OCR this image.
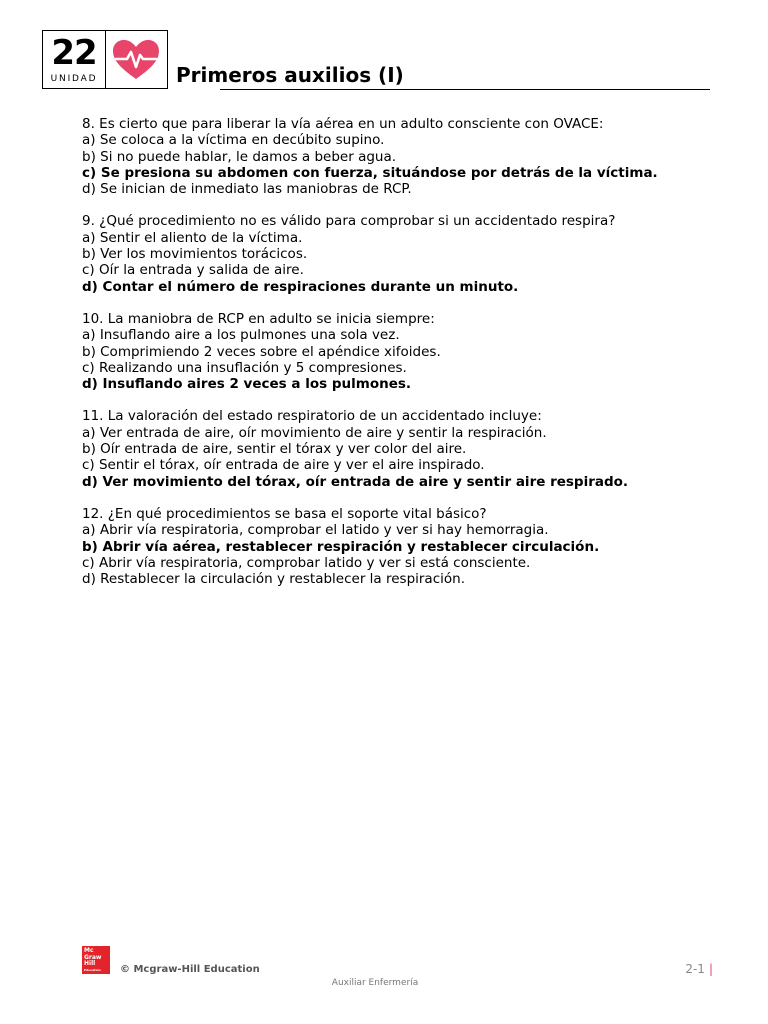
22
UNIDAD	Primeros auxilios (I)
8. Es cierto que para liberar la vía aérea en un adulto consciente con OVACE:
a) Se coloca a la víctima en decúbito supino.
b) Si no puede hablar, le damos a beber agua.
c) Se presiona su abdomen con fuerza, situándose por detrás de la víctima.
d) Se inician de inmediato las maniobras de RCP.
9. ¿Qué procedimiento no es válido para comprobar si un accidentado respira?
a) Sentir el aliento de la víctima.
b) Ver los movimientos torácicos.
c) Oír la entrada y salida de aire.
d) Contar el número de respiraciones durante un minuto.
10. La maniobra de RCP en adulto se inicia siempre:
a) Insuflando aire a los pulmones una sola vez.
b) Comprimiendo 2 veces sobre el apéndice xifoides.
c) Realizando una insuflación y 5 compresiones.
d) Insuflando aires 2 veces a los pulmones.
11. La valoración del estado respiratorio de un accidentado incluye:
a) Ver entrada de aire, oír movimiento de aire y sentir la respiración.
b) Oír entrada de aire, sentir el tórax y ver color del aire.
c) Sentir el tórax, oír entrada de aire y ver el aire inspirado.
d) Ver movimiento del tórax, oír entrada de aire y sentir aire respirado.
12. ¿En qué procedimientos se basa el soporte vital básico?
a) Abrir vía respiratoria, comprobar el latido y ver si hay hemorragia.
b) Abrir vía aérea, restablecer respiración y restablecer circulación.
c) Abrir vía respiratoria, comprobar latido y ver si está consciente.
d) Restablecer la circulación y restablecer la respiración.
Mc
Graw
Hill
Education	© Mcgraw-Hill Education	2-1 |
Auxiliar Enfermería
